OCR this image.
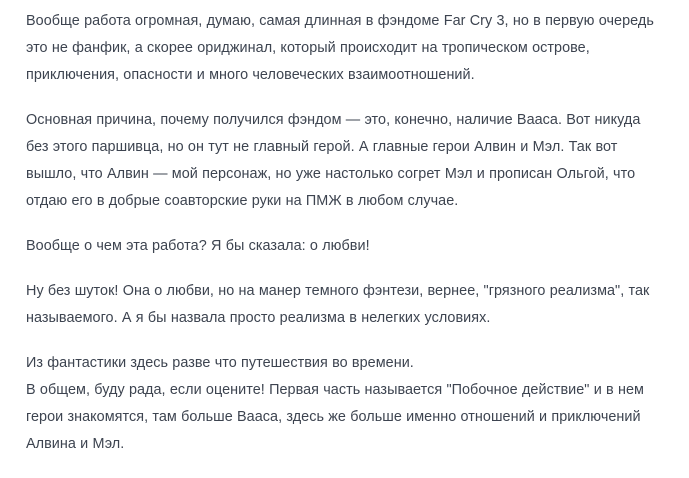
Вообще работа огромная, думаю, самая длинная в фэндоме Far Cry 3, но в первую очередь это не фанфик, а скорее ориджинал, который происходит на тропическом острове, приключения, опасности и много человеческих взаимоотношений.

Основная причина, почему получился фэндом — это, конечно, наличие Вааса. Вот никуда без этого паршивца, но он тут не главный герой. А главные герои Алвин и Мэл. Так вот вышло, что Алвин — мой персонаж, но уже настолько согрет Мэл и прописан Ольгой, что отдаю его в добрые соавторские руки на ПМЖ в любом случае.

Вообще о чем эта работа? Я бы сказала: о любви!

Ну без шуток! Она о любви, но на манер темного фэнтези, вернее, "грязного реализма", так называемого. А я бы назвала просто реализма в нелегких условиях.

Из фантастики здесь разве что путешествия во времени.

В общем, буду рада, если оцените! Первая часть называется "Побочное действие" и в нем герои знакомятся, там больше Вааса, здесь же больше именно отношений и приключений Алвина и Мэл.
